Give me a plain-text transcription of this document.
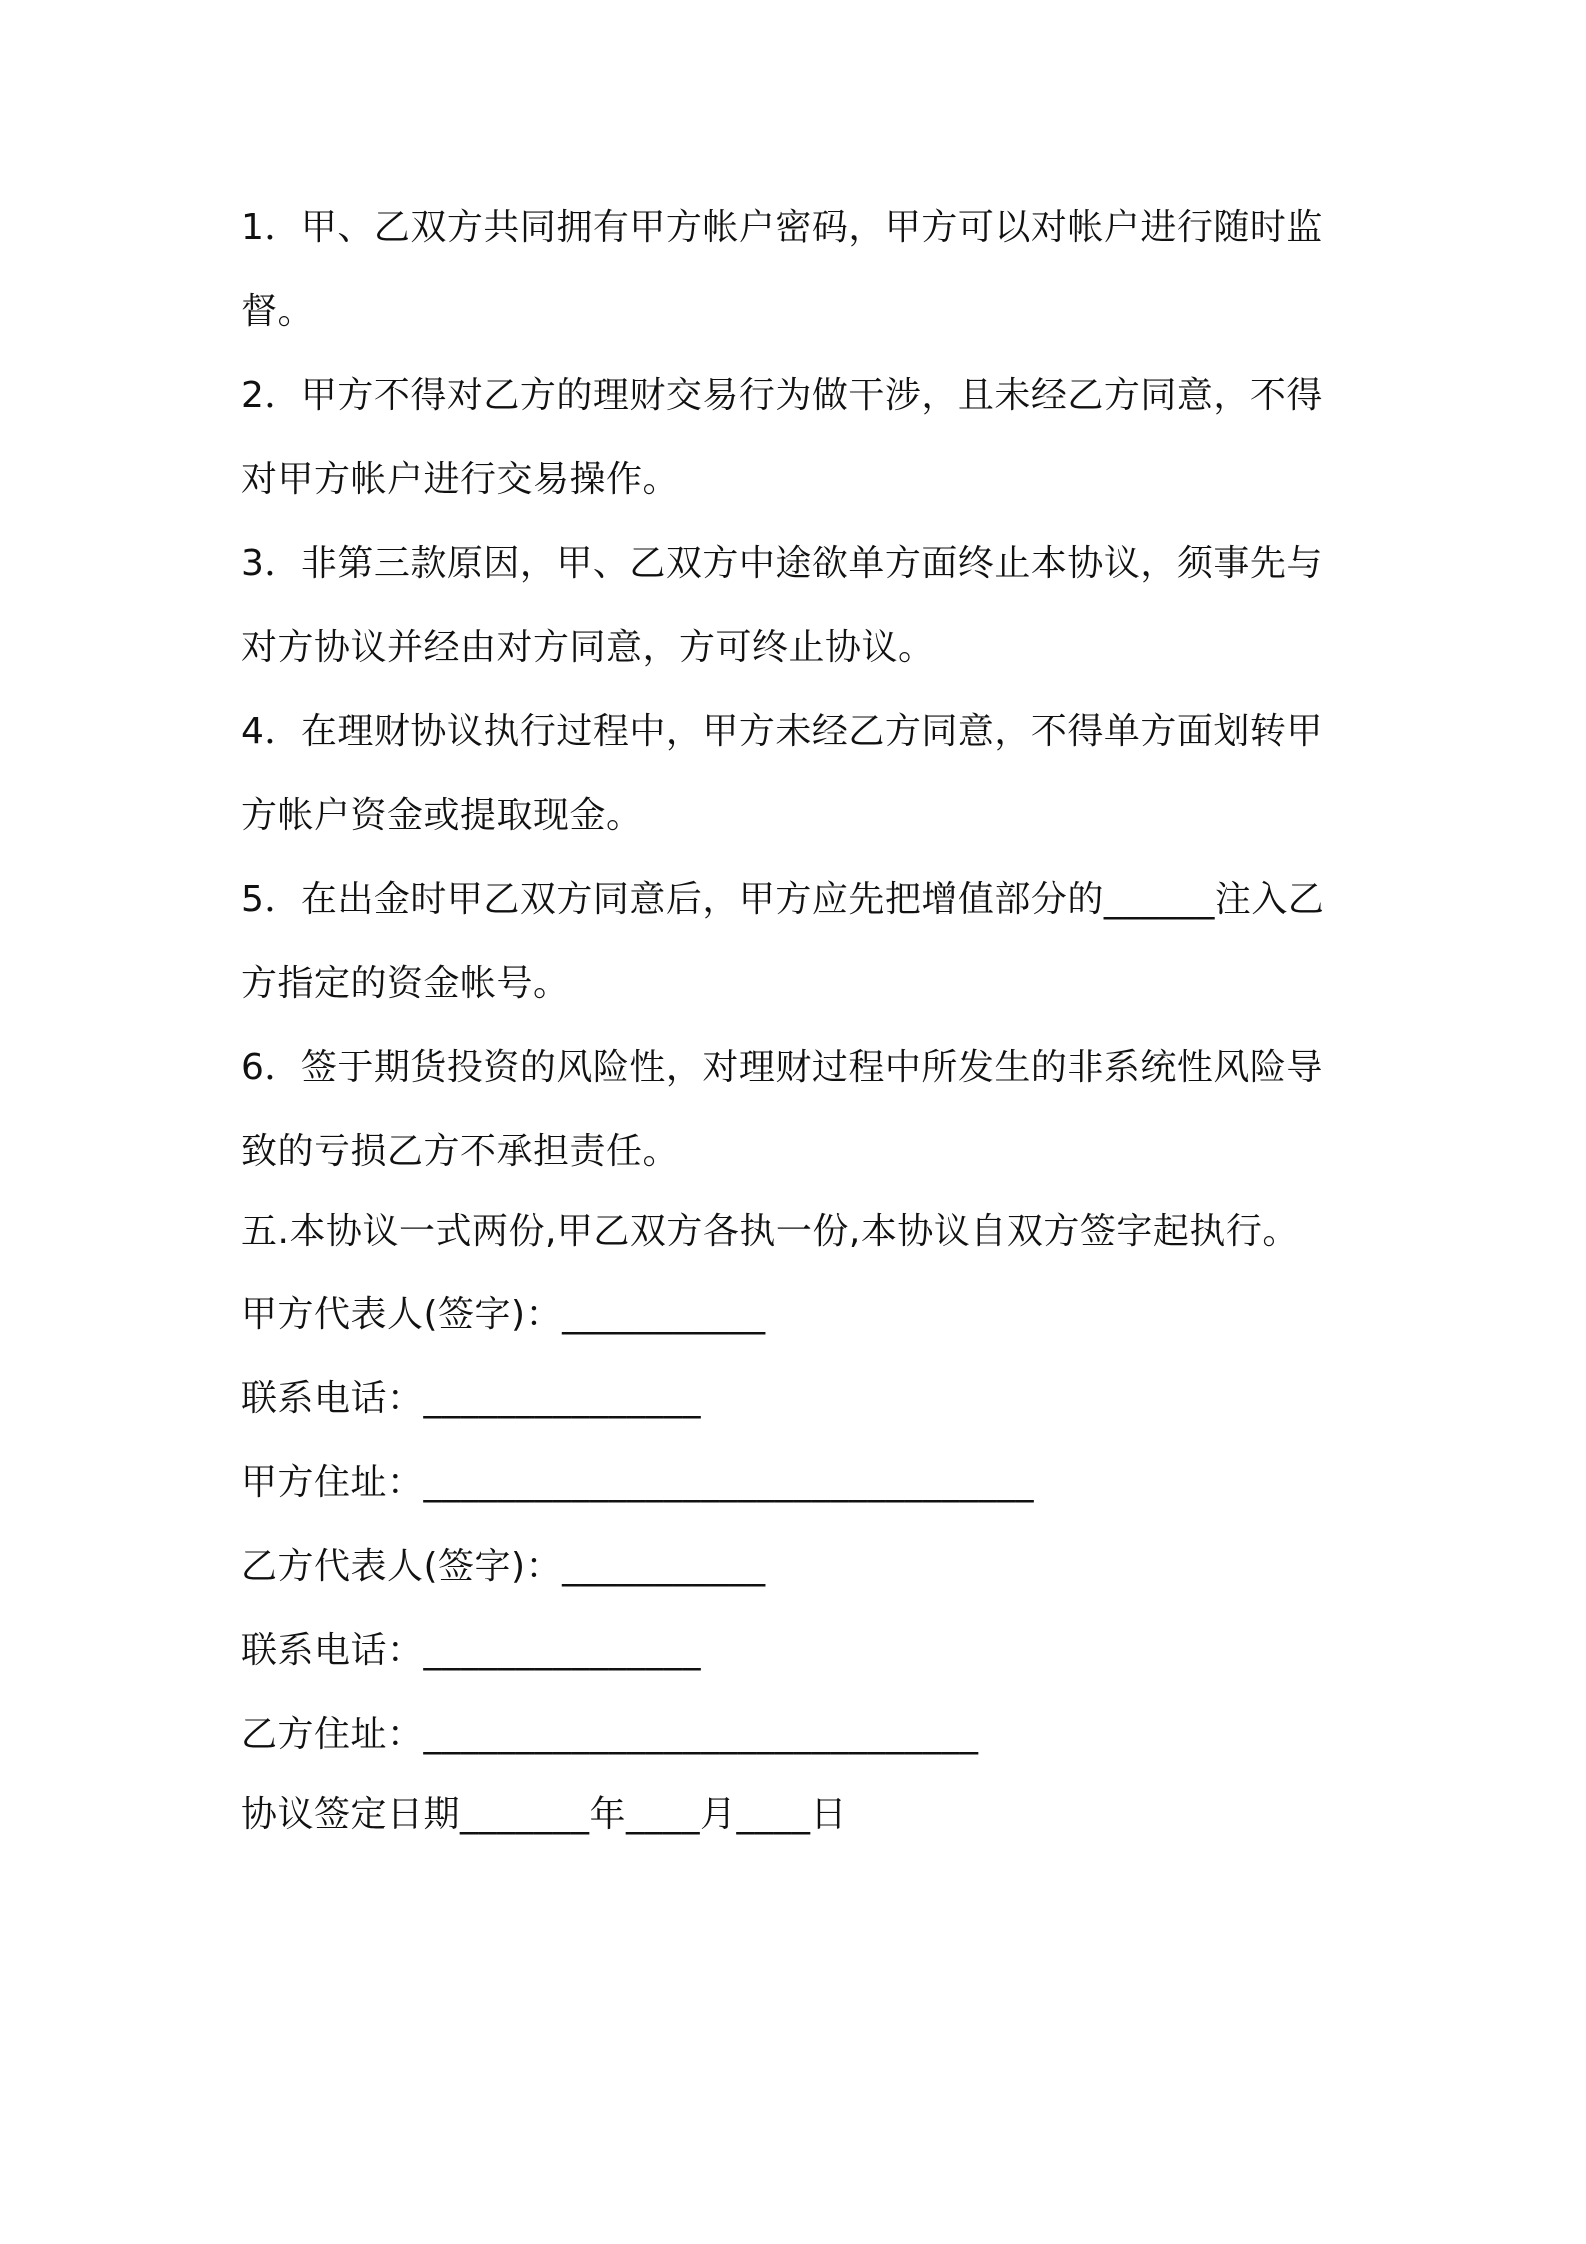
1．甲、乙双方共同拥有甲方帐户密码，甲方可以对帐户进行随时监
督。
2．甲方不得对乙方的理财交易行为做干涉，且未经乙方同意，不得
对甲方帐户进行交易操作。
3．非第三款原因，甲、乙双方中途欲单方面终止本协议，须事先与
对方协议并经由对方同意，方可终止协议。
4．在理财协议执行过程中，甲方未经乙方同意，不得单方面划转甲
方帐户资金或提取现金。
5．在出金时甲乙双方同意后，甲方应先把增值部分的______注入乙
方指定的资金帐号。
6．签于期货投资的风险性，对理财过程中所发生的非系统性风险导
致的亏损乙方不承担责任。
五.本协议一式两份,甲乙双方各执一份,本协议自双方签字起执行。
甲方代表人(签字)：___________
联系电话：_______________
甲方住址：_________________________________
乙方代表人(签字)：___________
联系电话：_______________
乙方住址：______________________________
协议签定日期_______年____月____日
